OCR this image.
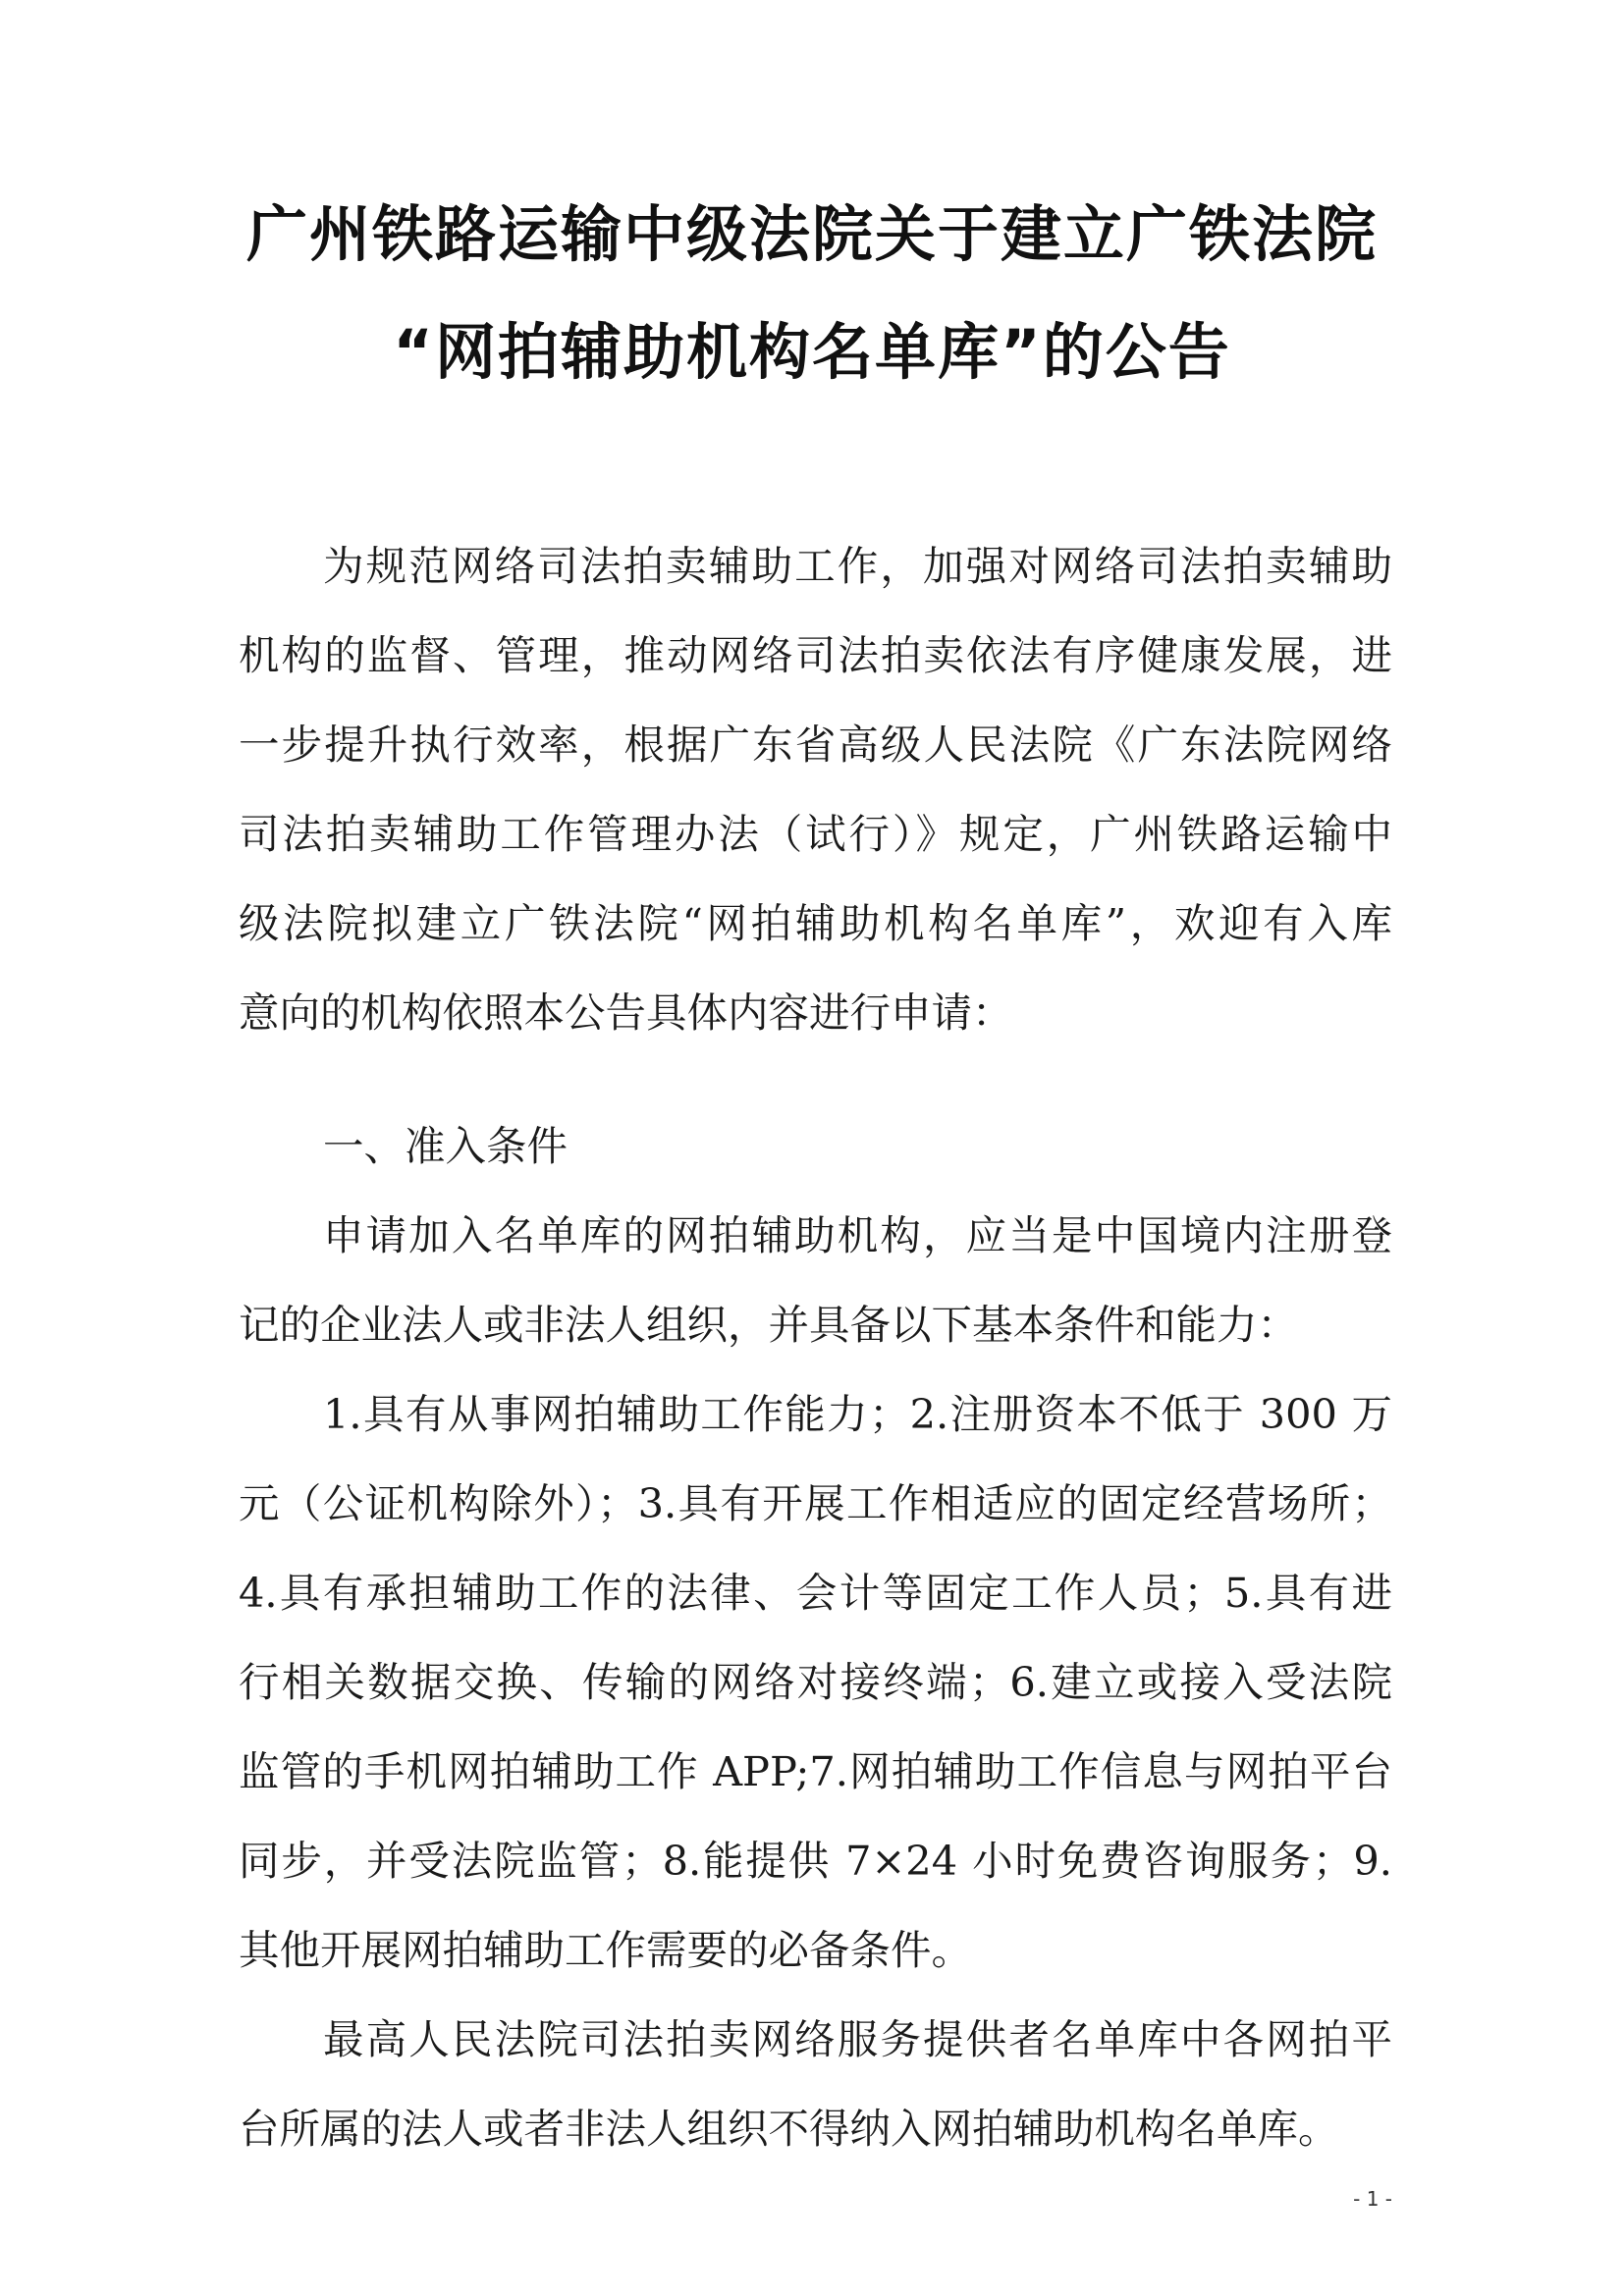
广州铁路运输中级法院关于建立广铁法院
“网拍辅助机构名单库”的公告
为规范网络司法拍卖辅助工作，加强对网络司法拍卖辅助
机构的监督、管理，推动网络司法拍卖依法有序健康发展，进
一步提升执行效率，根据广东省高级人民法院《广东法院网络
司法拍卖辅助工作管理办法（试行）》规定，广州铁路运输中
级法院拟建立广铁法院“网拍辅助机构名单库”，欢迎有入库
意向的机构依照本公告具体内容进行申请：
一、准入条件
申请加入名单库的网拍辅助机构，应当是中国境内注册登
记的企业法人或非法人组织，并具备以下基本条件和能力：
1.具有从事网拍辅助工作能力；2.注册资本不低于 300 万
元（公证机构除外）；3.具有开展工作相适应的固定经营场所；
4.具有承担辅助工作的法律、会计等固定工作人员；5.具有进
行相关数据交换、传输的网络对接终端；6.建立或接入受法院
监管的手机网拍辅助工作 APP;7.网拍辅助工作信息与网拍平台
同步，并受法院监管；8.能提供 7×24 小时免费咨询服务；9.
其他开展网拍辅助工作需要的必备条件。
最高人民法院司法拍卖网络服务提供者名单库中各网拍平
台所属的法人或者非法人组织不得纳入网拍辅助机构名单库。
- 1 -
